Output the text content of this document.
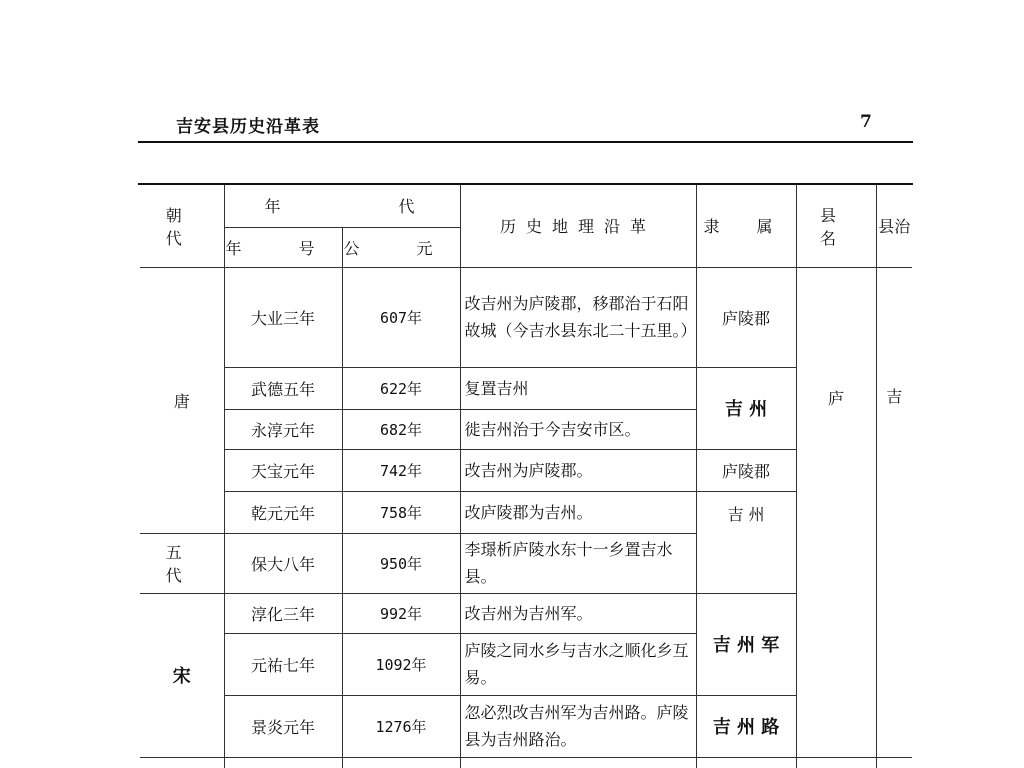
吉安县历史沿革表	7
朝 代	年 代		历史地理沿革	隶 属	县 名	县治
	年 号	公 元				
唐	大业三年	607年	改吉州为庐陵郡，移郡治于石阳故城（今吉水县东北二十五里。）	庐陵郡	庐	吉
	武德五年	622年	复置吉州	吉 州		
	永淳元年	682年	徙吉州治于今吉安市区。			
	天宝元年	742年	改吉州为庐陵郡。	庐陵郡		
	乾元元年	758年	改庐陵郡为吉州。	吉 州		
五 代	保大八年	950年	李璟析庐陵水东十一乡置吉水县。			
宋	淳化三年	992年	改吉州为吉州军。	吉 州 军		
	元祐七年	1092年	庐陵之同水乡与吉水之顺化乡互易。			
	景炎元年	1276年	忽必烈改吉州军为吉州路。庐陵县为吉州路治。	吉 州 路		
